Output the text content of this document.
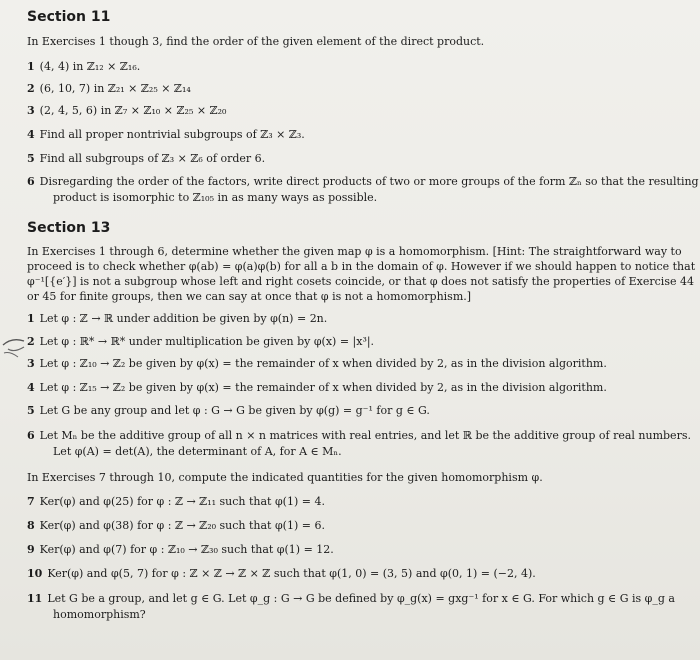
Section 11

In Exercises 1 though 3, find the order of the given element of the direct product.

1 (4, 4) in ℤ₁₂ × ℤ₁₆.

2 (6, 10, 7) in ℤ₂₁ × ℤ₂₅ × ℤ₁₄

3 (2, 4, 5, 6) in ℤ₇ × ℤ₁₀ × ℤ₂₅ × ℤ₂₀

4 Find all proper nontrivial subgroups of ℤ₃ × ℤ₃.

5 Find all subgroups of ℤ₃ × ℤ₆ of order 6.

6 Disregarding the order of the factors, write direct products of two or more groups of the form ℤₙ so that the resulting

product is isomorphic to ℤ₁₀₅ in as many ways as possible.

Section 13

In Exercises 1 through 6, determine whether the given map φ is a homomorphism. [Hint: The straightforward way to

proceed is to check whether φ(ab) = φ(a)φ(b) for all a b in the domain of φ. However if we should happen to notice that

φ⁻¹[{e′}] is not a subgroup whose left and right cosets coincide, or that φ does not satisfy the properties of Exercise 44

or 45 for finite groups, then we can say at once that φ is not a homomorphism.]

1 Let φ : ℤ → ℝ under addition be given by φ(n) = 2n.

2 Let φ : ℝ* → ℝ* under multiplication be given by φ(x) = |x³|.

3 Let φ : ℤ₁₀ → ℤ₂ be given by φ(x) = the remainder of x when divided by 2, as in the division algorithm.

4 Let φ : ℤ₁₅ → ℤ₂ be given by φ(x) = the remainder of x when divided by 2, as in the division algorithm.

5 Let G be any group and let φ : G → G be given by φ(g) = g⁻¹ for g ∈ G.

6 Let Mₙ be the additive group of all n × n matrices with real entries, and let ℝ be the additive group of real numbers.

Let φ(A) = det(A), the determinant of A, for A ∈ Mₙ.

In Exercises 7 through 10, compute the indicated quantities for the given homomorphism φ.

7 Ker(φ) and φ(25) for φ : ℤ → ℤ₁₁ such that φ(1) = 4.

8 Ker(φ) and φ(38) for φ : ℤ → ℤ₂₀ such that φ(1) = 6.

9 Ker(φ) and φ(7) for φ : ℤ₁₀ → ℤ₃₀ such that φ(1) = 12.

10 Ker(φ) and φ(5, 7) for φ : ℤ × ℤ → ℤ × ℤ such that φ(1, 0) = (3, 5) and φ(0, 1) = (−2, 4).

11 Let G be a group, and let g ∈ G. Let φ_g : G → G be defined by φ_g(x) = gxg⁻¹ for x ∈ G. For which g ∈ G is φ_g a

homomorphism?
